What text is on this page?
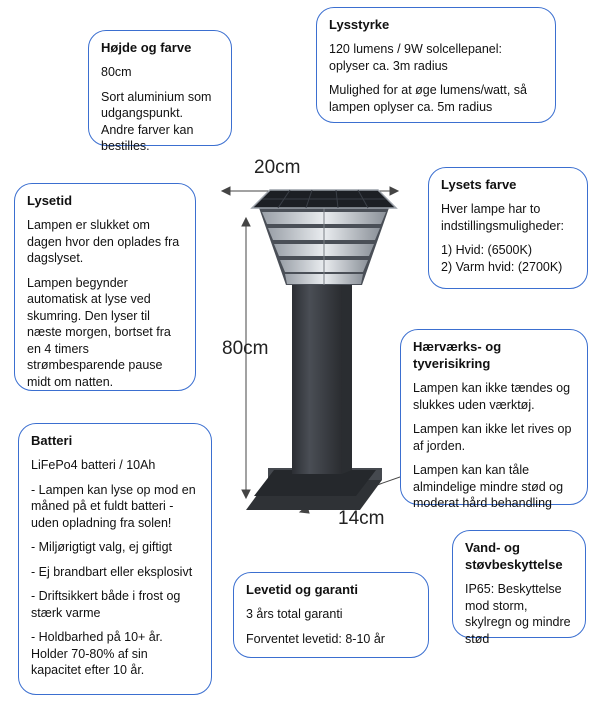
20cm
80cm
14cm
Højde og farve

80cm

Sort aluminium som udgangspunkt. Andre farver kan bestilles.

Lysstyrke

120 lumens / 9W solcellepanel: oplyser ca. 3m radius

Mulighed for at øge lumens/watt, så lampen oplyser ca. 5m radius

Lysetid

Lampen er slukket om dagen hvor den oplades fra dagslyset.

Lampen begynder automatisk at lyse ved skumring. Den lyser til næste morgen, bortset fra en 4 timers strømbesparende pause midt om natten.

Lysets farve

Hver lampe har to indstillingsmuligheder:

1) Hvid: (6500K)

2) Varm hvid: (2700K)

Hærværks- og tyverisikring

Lampen kan ikke tændes og slukkes uden værktøj.

Lampen kan ikke let rives op af jorden.

Lampen kan kan tåle almindelige mindre stød og moderat hård behandling

Batteri

LiFePo4 batteri / 10Ah

- Lampen kan lyse op mod en måned på et fuldt batteri - uden opladning fra solen!

- Miljørigtigt valg, ej giftigt

- Ej brandbart eller eksplosivt

- Driftsikkert både i frost og stærk varme

- Holdbarhed på 10+ år. Holder 70-80% af sin kapacitet efter 10 år.

Vand- og støvbeskyttelse

IP65: Beskyttelse mod storm, skylregn og mindre stød

Levetid og garanti

3 års total garanti

Forventet levetid: 8-10 år
